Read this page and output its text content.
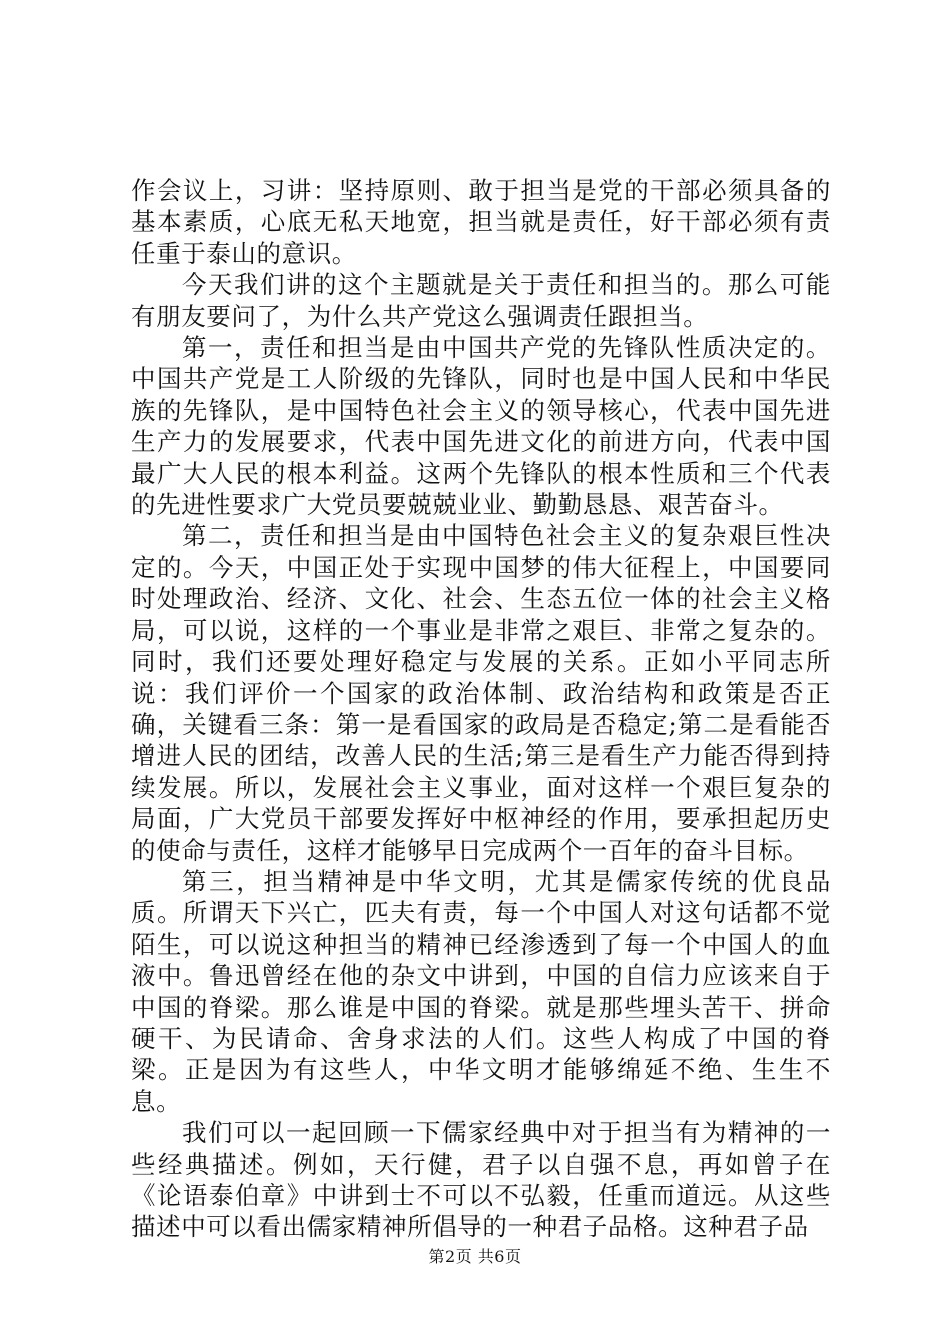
作会议上，习讲：坚持原则、敢于担当是党的干部必须具备的基本素质，心底无私天地宽，担当就是责任，好干部必须有责任重于泰山的意识。

今天我们讲的这个主题就是关于责任和担当的。那么可能有朋友要问了，为什么共产党这么强调责任跟担当。

第一，责任和担当是由中国共产党的先锋队性质决定的。中国共产党是工人阶级的先锋队，同时也是中国人民和中华民族的先锋队，是中国特色社会主义的领导核心，代表中国先进生产力的发展要求，代表中国先进文化的前进方向，代表中国最广大人民的根本利益。这两个先锋队的根本性质和三个代表的先进性要求广大党员要兢兢业业、勤勤恳恳、艰苦奋斗。

第二，责任和担当是由中国特色社会主义的复杂艰巨性决定的。今天，中国正处于实现中国梦的伟大征程上，中国要同时处理政治、经济、文化、社会、生态五位一体的社会主义格局，可以说，这样的一个事业是非常之艰巨、非常之复杂的。同时，我们还要处理好稳定与发展的关系。正如小平同志所说：我们评价一个国家的政治体制、政治结构和政策是否正确，关键看三条：第一是看国家的政局是否稳定;第二是看能否增进人民的团结，改善人民的生活;第三是看生产力能否得到持续发展。所以，发展社会主义事业，面对这样一个艰巨复杂的局面，广大党员干部要发挥好中枢神经的作用，要承担起历史的使命与责任，这样才能够早日完成两个一百年的奋斗目标。

第三，担当精神是中华文明，尤其是儒家传统的优良品质。所谓天下兴亡，匹夫有责，每一个中国人对这句话都不觉陌生，可以说这种担当的精神已经渗透到了每一个中国人的血液中。鲁迅曾经在他的杂文中讲到，中国的自信力应该来自于中国的脊梁。那么谁是中国的脊梁。就是那些埋头苦干、拼命硬干、为民请命、舍身求法的人们。这些人构成了中国的脊梁。正是因为有这些人，中华文明才能够绵延不绝、生生不息。

我们可以一起回顾一下儒家经典中对于担当有为精神的一些经典描述。例如，天行健，君子以自强不息，再如曾子在《论语泰伯章》中讲到士不可以不弘毅，任重而道远。从这些描述中可以看出儒家精神所倡导的一种君子品格。这种君子品

第2页 共6页
